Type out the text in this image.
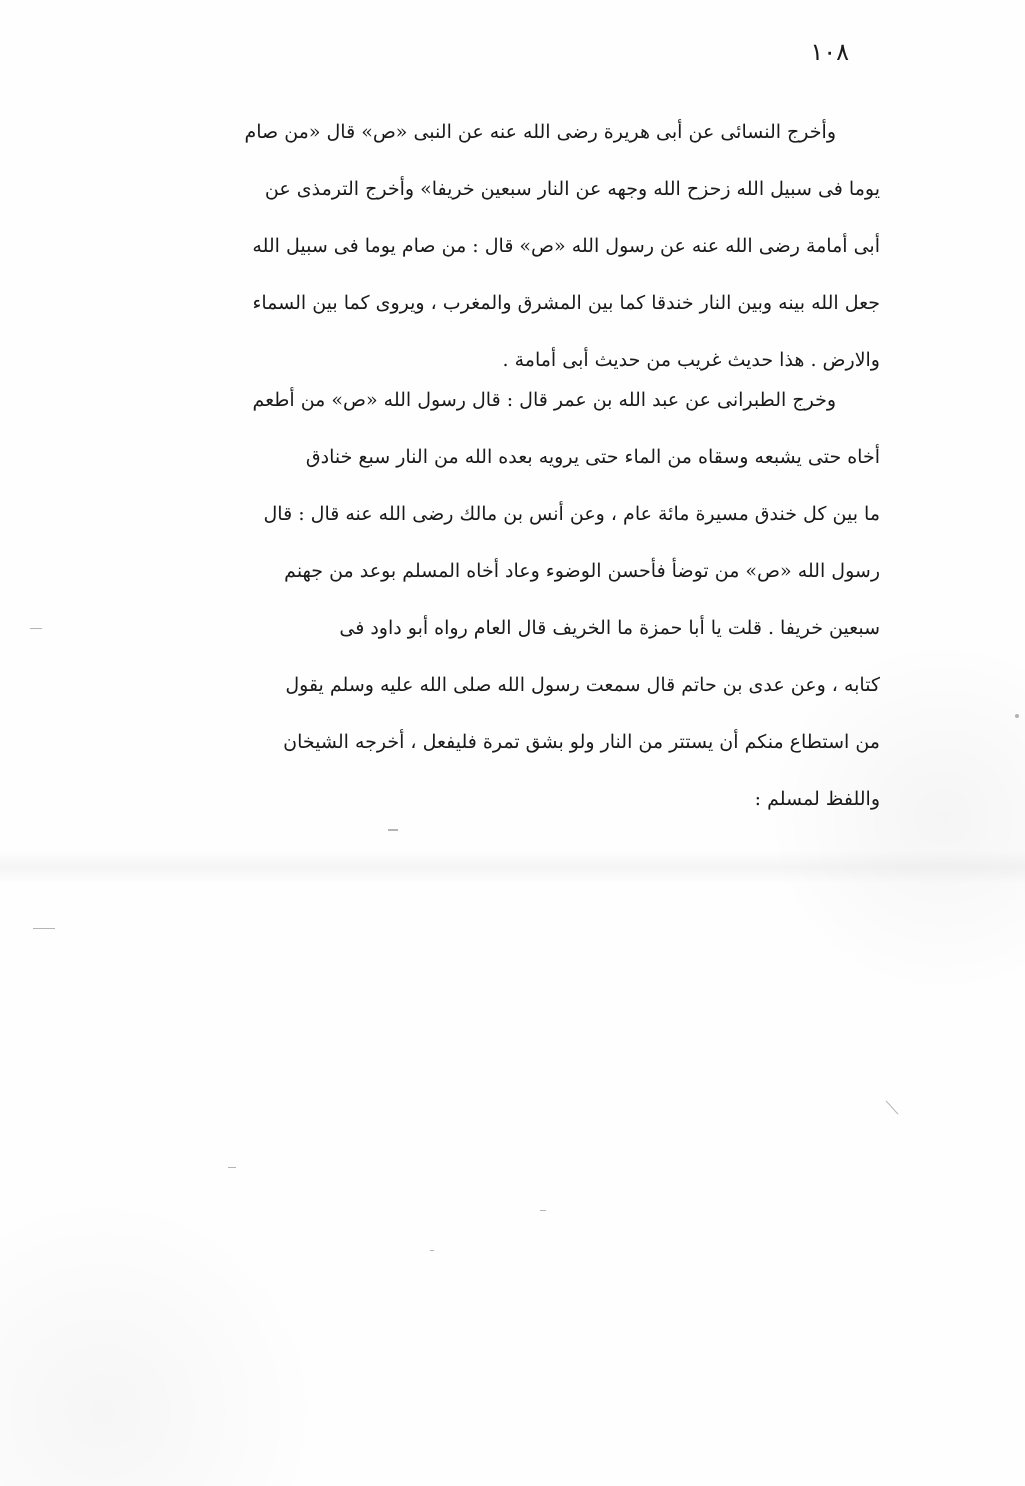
١٠٨
وأخرج النسائى عن أبى هريرة رضى الله عنه عن النبى «ص» قال «من صام
يوما فى سبيل الله زحزح الله وجهه عن النار سبعين خريفا» وأخرج الترمذى عن
أبى أمامة رضى الله عنه عن رسول الله «ص» قال : من صام يوما فى سبيل الله
جعل الله بينه وبين النار خندقا كما بين المشرق والمغرب ، ويروى كما بين السماء
والارض . هذا حديث غريب من حديث أبى أمامة .
وخرج الطبرانى عن عبد الله بن عمر قال : قال رسول الله «ص» من أطعم
أخاه حتى يشبعه وسقاه من الماء حتى يرويه بعده الله من النار سبع خنادق
ما بين كل خندق مسيرة مائة عام ، وعن أنس بن مالك رضى الله عنه قال : قال
رسول الله «ص» من توضأ فأحسن الوضوء وعاد أخاه المسلم بوعد من جهنم
سبعين خريفا . قلت يا أبا حمزة ما الخريف قال العام رواه أبو داود فى
كتابه ، وعن عدى بن حاتم قال سمعت رسول الله صلى الله عليه وسلم يقول
من استطاع منكم أن يستتر من النار ولو بشق تمرة فليفعل ، أخرجه الشيخان
واللفظ لمسلم :
